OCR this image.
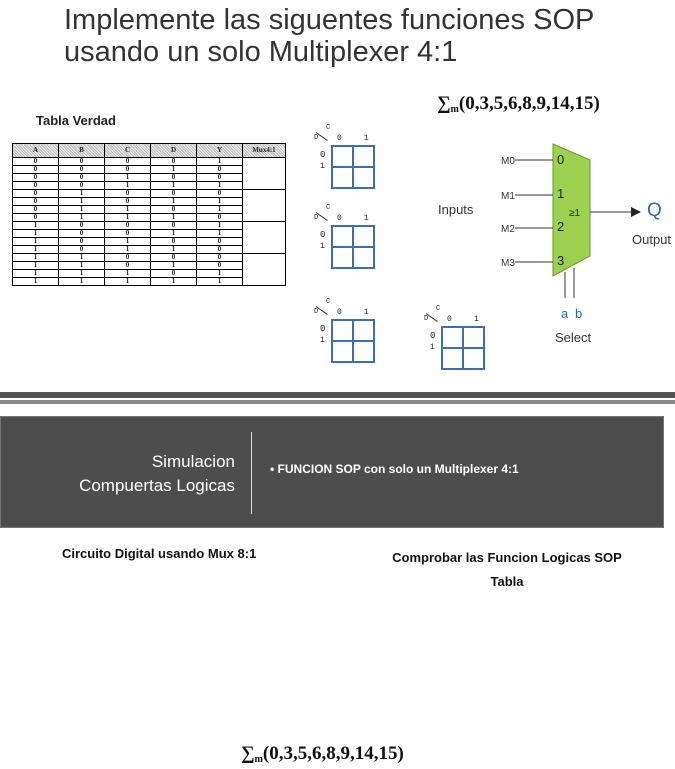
Implemente las siguentes funciones SOP
usando un solo Multiplexer 4:1
$\sum_m(0,3,5,6,8,9,14,15)$
Tabla Verdad
A	B	C	D	Y	Mux4:1
0	0	0	0	1	
0	0	0	1	0	
0	0	1	0	0	
0	0	1	1	1	
0	1	0	0	0	
0	1	0	1	1	
0	1	1	0	1	
0	1	1	1	0	
1	0	0	0	1	
1	0	0	1	1	
1	0	1	0	0	
1	0	1	1	0	
1	1	0	0	0	
1	1	0	1	0	
1	1	1	0	1	
1	1	1	1	1	
C
D 0	1
0
1
C
D 0	1
0
1
C
D 0	1
0
1
C
D 0	1
0
1
M0
M1
M2
M3
0
1
2
3
≥1
Inputs	Q
Output
a b
Select
Simulacion
Compuertas Logicas
• FUNCION SOP con solo un Multiplexer 4:1
Circuito Digital usando Mux 8:1	Comprobar las Funcion Logicas SOP
Tabla
$\sum_m(0,3,5,6,8,9,14,15)$
